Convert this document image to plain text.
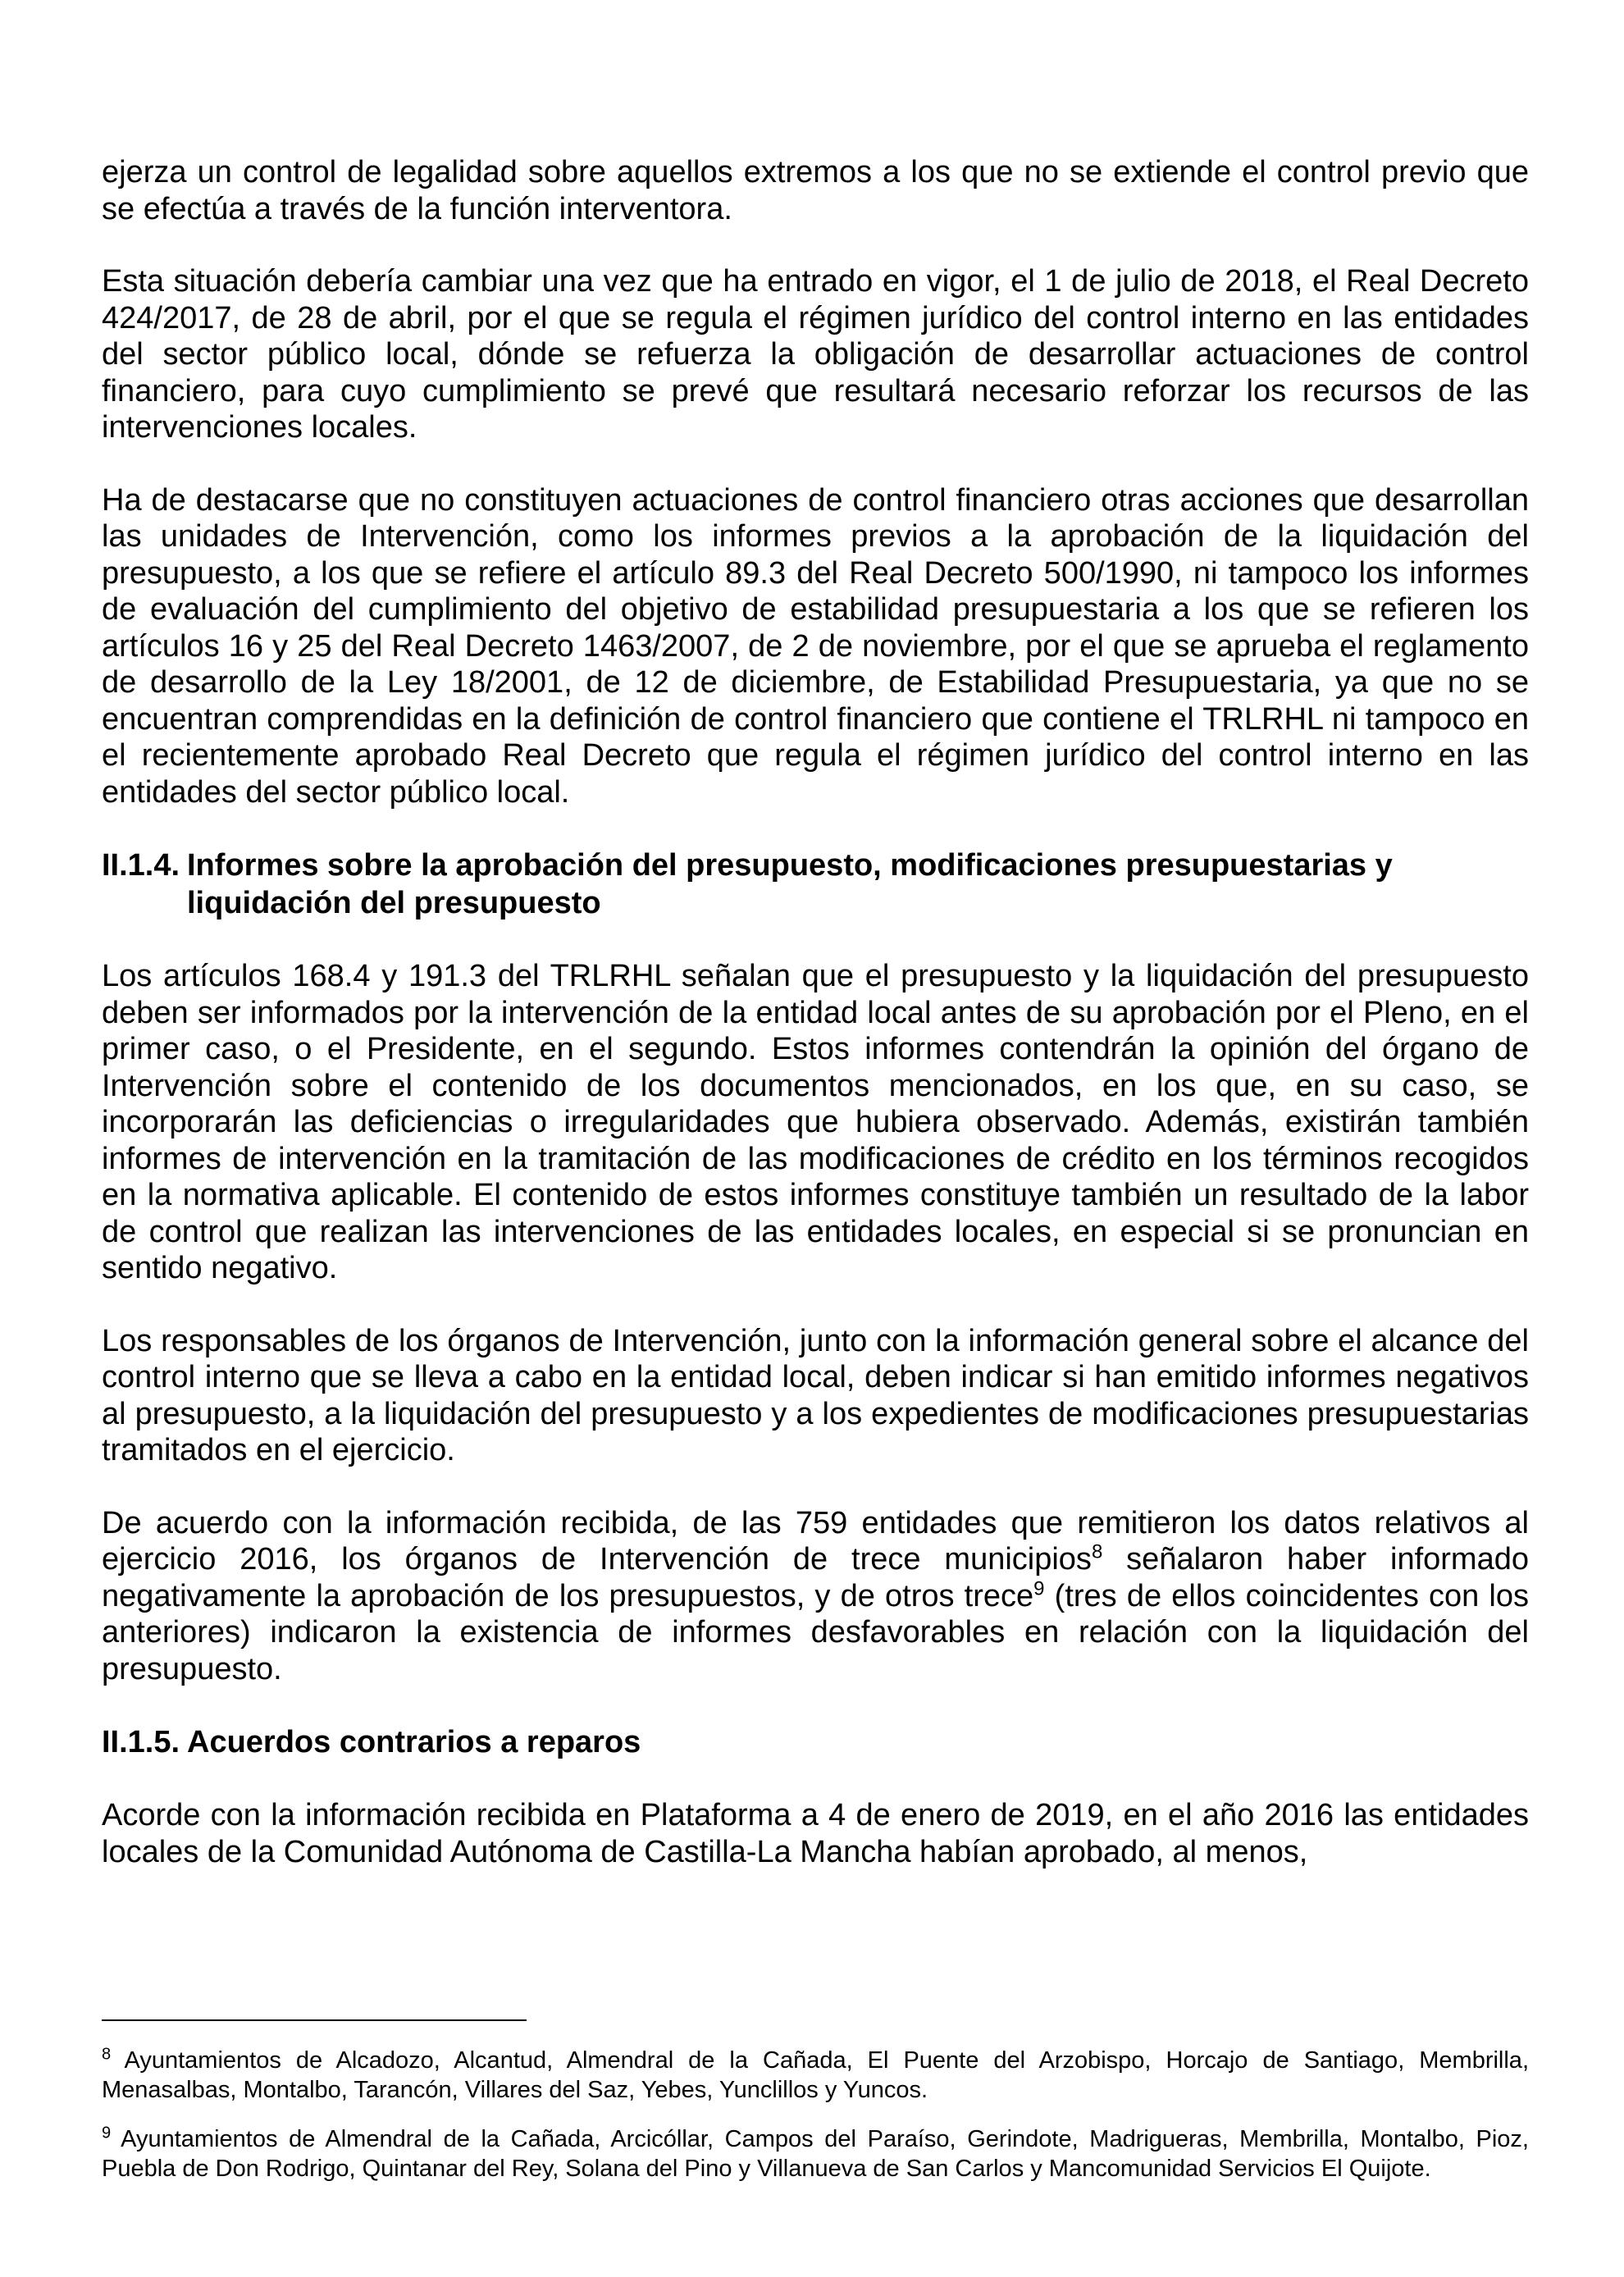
ejerza un control de legalidad sobre aquellos extremos a los que no se extiende el control previo que se efectúa a través de la función interventora.

Esta situación debería cambiar una vez que ha entrado en vigor, el 1 de julio de 2018, el Real Decreto 424/2017, de 28 de abril, por el que se regula el régimen jurídico del control interno en las entidades del sector público local, dónde se refuerza la obligación de desarrollar actuaciones de control financiero, para cuyo cumplimiento se prevé que resultará necesario reforzar los recursos de las intervenciones locales.

Ha de destacarse que no constituyen actuaciones de control financiero otras acciones que desarrollan las unidades de Intervención, como los informes previos a la aprobación de la liquidación del presupuesto, a los que se refiere el artículo 89.3 del Real Decreto 500/1990, ni tampoco los informes de evaluación del cumplimiento del objetivo de estabilidad presupuestaria a los que se refieren los artículos 16 y 25 del Real Decreto 1463/2007, de 2 de noviembre, por el que se aprueba el reglamento de desarrollo de la Ley 18/2001, de 12 de diciembre, de Estabilidad Presupuestaria, ya que no se encuentran comprendidas en la definición de control financiero que contiene el TRLRHL ni tampoco en el recientemente aprobado Real Decreto que regula el régimen jurídico del control interno en las entidades del sector público local.

II.1.4. Informes sobre la aprobación del presupuesto, modificaciones presupuestarias y liquidación del presupuesto

Los artículos 168.4 y 191.3 del TRLRHL señalan que el presupuesto y la liquidación del presupuesto deben ser informados por la intervención de la entidad local antes de su aprobación por el Pleno, en el primer caso, o el Presidente, en el segundo. Estos informes contendrán la opinión del órgano de Intervención sobre el contenido de los documentos mencionados, en los que, en su caso, se incorporarán las deficiencias o irregularidades que hubiera observado. Además, existirán también informes de intervención en la tramitación de las modificaciones de crédito en los términos recogidos en la normativa aplicable. El contenido de estos informes constituye también un resultado de la labor de control que realizan las intervenciones de las entidades locales, en especial si se pronuncian en sentido negativo.

Los responsables de los órganos de Intervención, junto con la información general sobre el alcance del control interno que se lleva a cabo en la entidad local, deben indicar si han emitido informes negativos al presupuesto, a la liquidación del presupuesto y a los expedientes de modificaciones presupuestarias tramitados en el ejercicio.

De acuerdo con la información recibida, de las 759 entidades que remitieron los datos relativos al ejercicio 2016, los órganos de Intervención de trece municipios$^8$ señalaron haber informado negativamente la aprobación de los presupuestos, y de otros trece$^9$ (tres de ellos coincidentes con los anteriores) indicaron la existencia de informes desfavorables en relación con la liquidación del presupuesto.

II.1.5. Acuerdos contrarios a reparos

Acorde con la información recibida en Plataforma a 4 de enero de 2019, en el año 2016 las entidades locales de la Comunidad Autónoma de Castilla-La Mancha habían aprobado, al menos,

$^8$ Ayuntamientos de Alcadozo, Alcantud, Almendral de la Cañada, El Puente del Arzobispo, Horcajo de Santiago, Membrilla, Menasalbas, Montalbo, Tarancón, Villares del Saz, Yebes, Yunclillos y Yuncos.

$^9$ Ayuntamientos de Almendral de la Cañada, Arcicóllar, Campos del Paraíso, Gerindote, Madrigueras, Membrilla, Montalbo, Pioz, Puebla de Don Rodrigo, Quintanar del Rey, Solana del Pino y Villanueva de San Carlos y Mancomunidad Servicios El Quijote.
